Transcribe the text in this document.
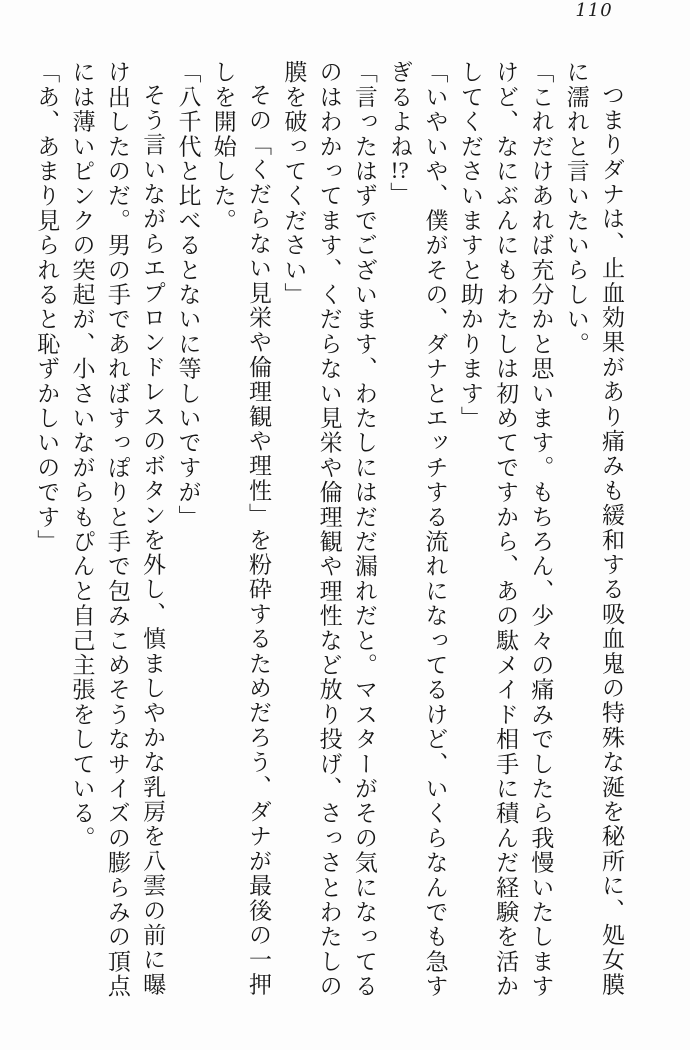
110

つまりダナは、止血効果があり痛みも緩和する吸血鬼の特殊な涎を秘所に、処女膜に濡れと言いたいらしい。

「これだけあれば充分かと思います。もちろん、少々の痛みでしたら我慢いたしますけど、なにぶんにもわたしは初めてですから、あの駄メイド相手に積んだ経験を活かしてくださいますと助かります」

「いやいや、僕がその、ダナとエッチする流れになってるけど、いくらなんでも急すぎるよね!?」

「言ったはずでございます、わたしにはだだ漏れだと。マスターがその気になってるのはわかってます、くだらない見栄や倫理観や理性など放り投げ、さっさとわたしの膜を破ってください」

その「くだらない見栄や倫理観や理性」を粉砕するためだろう、ダナが最後の一押しを開始した。

「八千代と比べるとないに等しいですが」

そう言いながらエプロンドレスのボタンを外し、慎ましやかな乳房を八雲の前に曝け出したのだ。男の手であればすっぽりと手で包みこめそうなサイズの膨らみの頂点には薄いピンクの突起が、小さいながらもぴんと自己主張をしている。

「あ、あまり見られると恥ずかしいのです」
